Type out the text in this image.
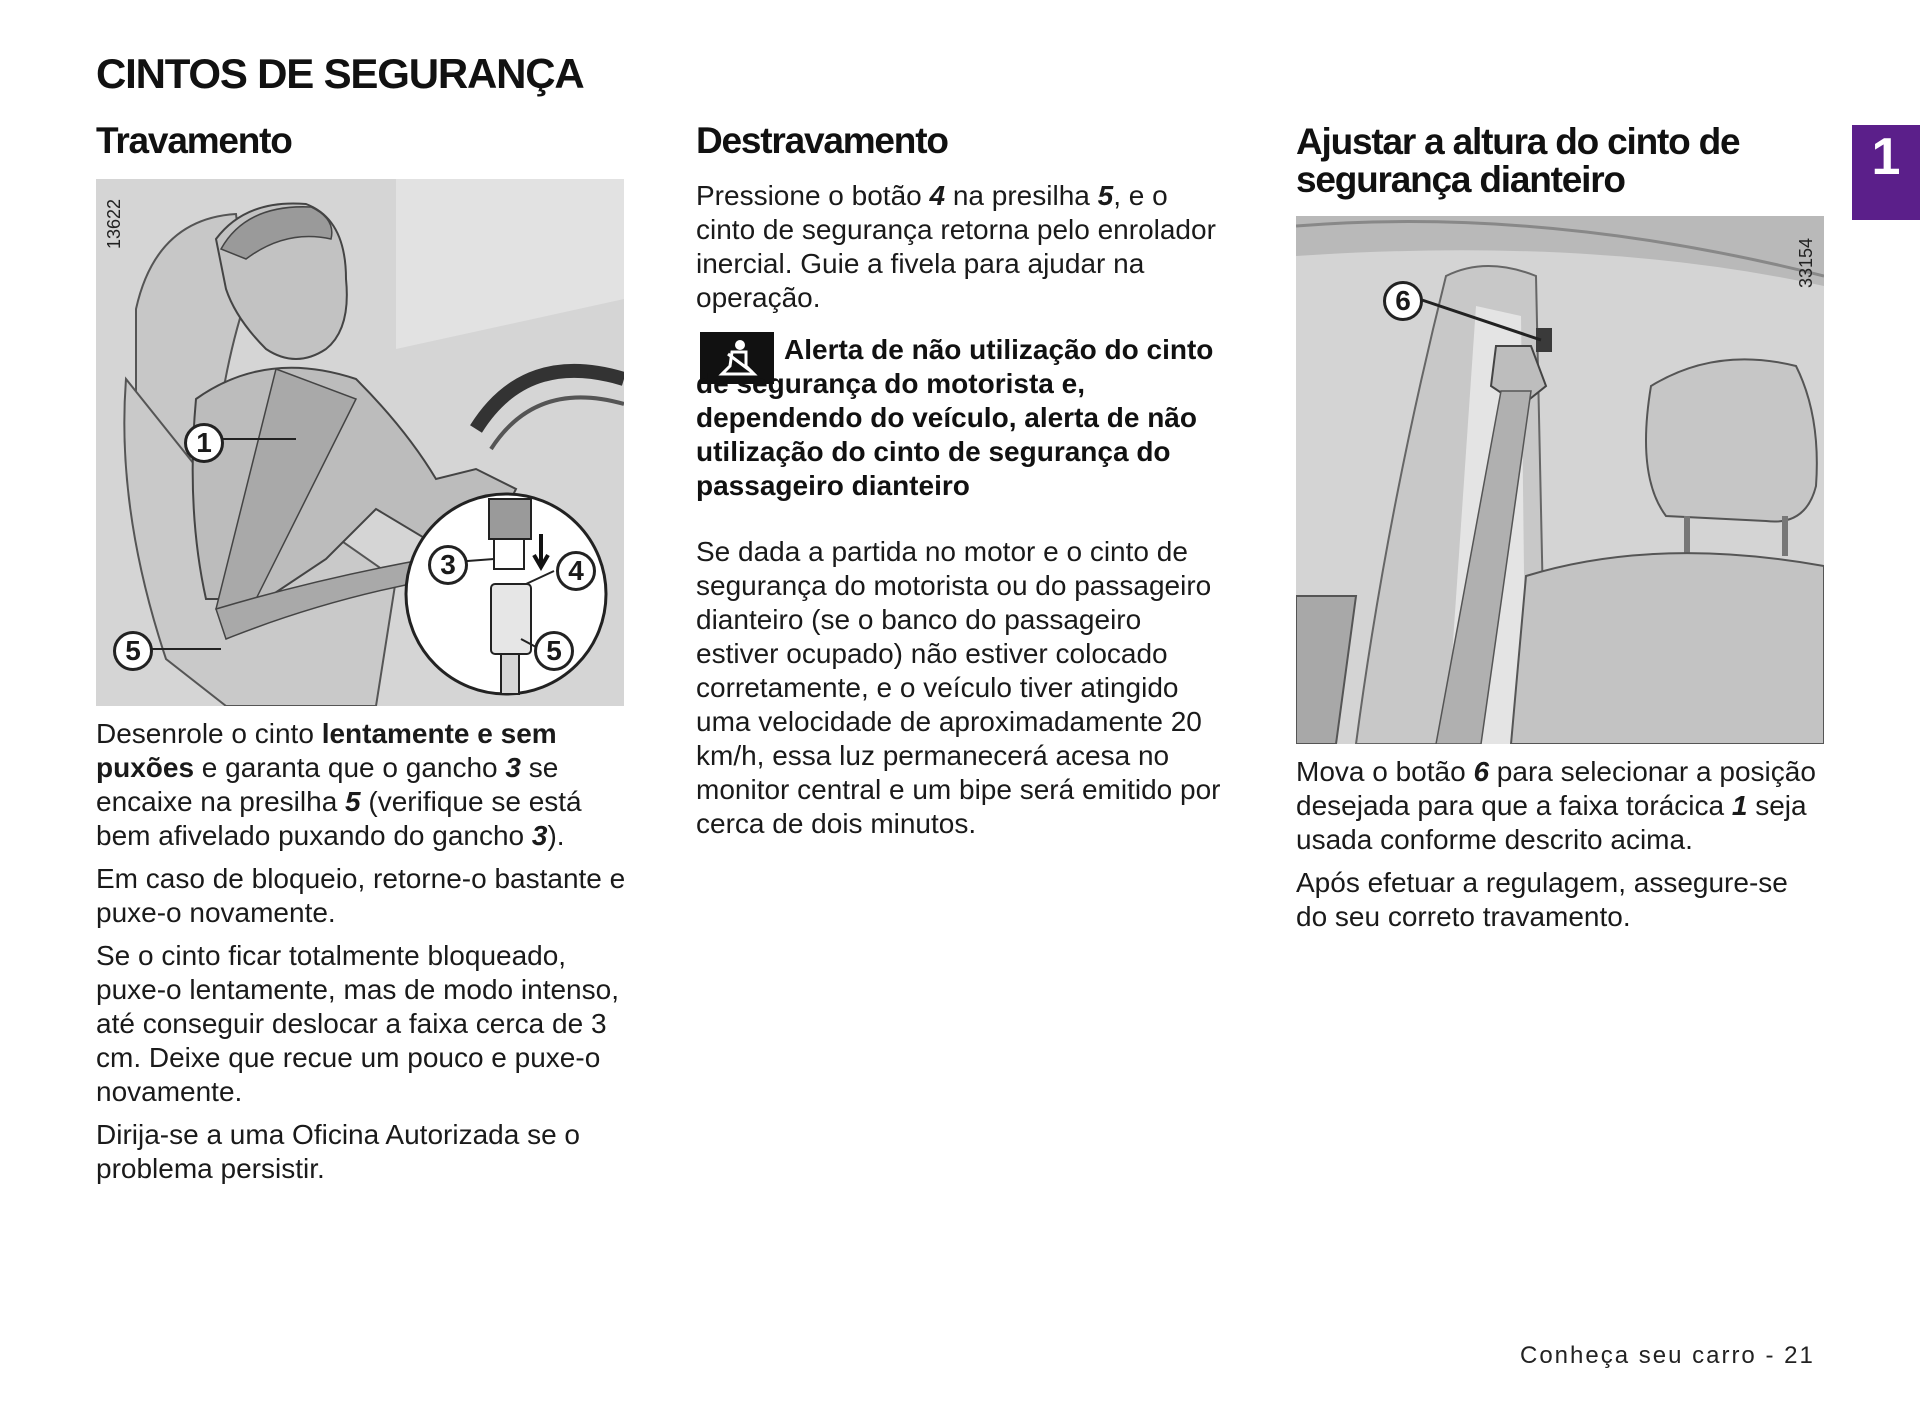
CINTOS DE SEGURANÇA
1
Travamento
1
3	4
5	5
13622

Desenrole o cinto lentamente e sem puxões e garanta que o gancho 3 se encaixe na presilha 5 (verifique se está bem afivelado puxando do gancho 3).

Em caso de bloqueio, retorne-o bastante e puxe-o novamente.

Se o cinto ficar totalmente bloqueado, puxe-o lentamente, mas de modo intenso, até conseguir deslocar a faixa cerca de 3 cm. Deixe que recue um pouco e puxe-o novamente.

Dirija-se a uma Oficina Autorizada se o problema persistir.

Destravamento

Pressione o botão 4 na presilha 5, e o cinto de segurança retorna pelo enrolador inercial. Guie a fivela para ajudar na operação.

Alerta de não utilização do cinto de segurança do motorista e, dependendo do veículo, alerta de não utilização do cinto de segurança do passageiro dianteiro

Se dada a partida no motor e o cinto de segurança do motorista ou do passageiro dianteiro (se o banco do passageiro estiver ocupado) não estiver colocado corretamente, e o veículo tiver atingido uma velocidade de aproximadamente 20 km/h, essa luz permanecerá acesa no monitor central e um bipe será emitido por cerca de dois minutos.

Ajustar a altura do cinto de segurança dianteiro
6
33154

Mova o botão 6 para selecionar a posição desejada para que a faixa torácica 1 seja usada conforme descrito acima.

Após efetuar a regulagem, assegure-se do seu correto travamento.

Conheça seu carro - 21
